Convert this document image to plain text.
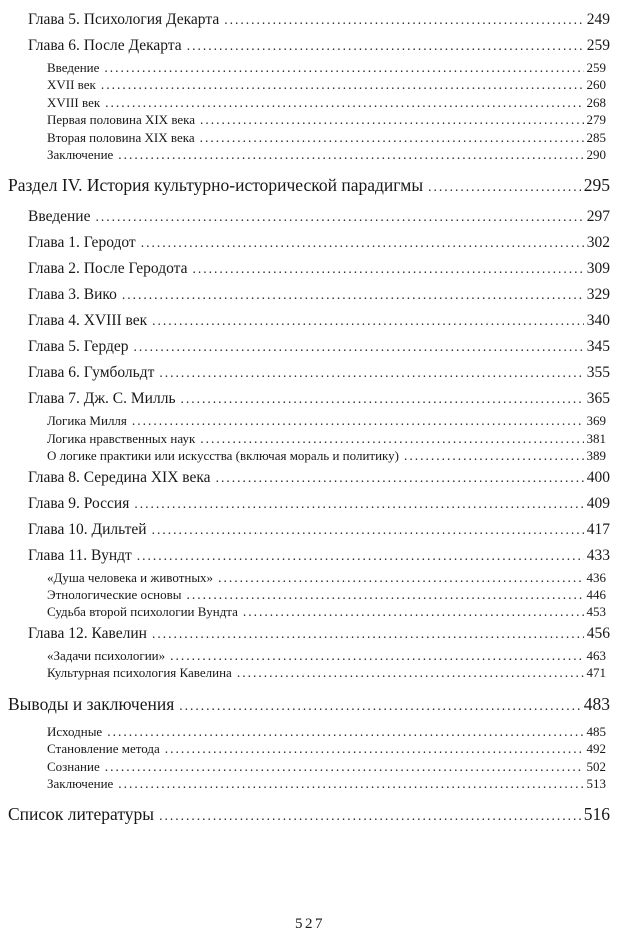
Глава 5. Психология Декарта .....	249
Глава 6. После Декарта .....	259
Введение .....	259
XVII век .....	260
XVIII век .....	268
Первая половина XIX века .....	279
Вторая половина XIX века .....	285
Заключение .....	290
Раздел IV. История культурно-исторической парадигмы .....	295
Введение .....	297
Глава 1. Геродот .....	302
Глава 2. После Геродота .....	309
Глава 3. Вико .....	329
Глава 4. XVIII век .....	340
Глава 5. Гердер .....	345
Глава 6. Гумбольдт .....	355
Глава 7. Дж. С. Милль .....	365
Логика Милля .....	369
Логика нравственных наук .....	381
О логике практики или искусства (включая мораль и политику) .....	389
Глава 8. Середина XIX века .....	400
Глава 9. Россия .....	409
Глава 10. Дильтей .....	417
Глава 11. Вундт .....	433
«Душа человека и животных» .....	436
Этнологические основы .....	446
Судьба второй психологии Вундта .....	453
Глава 12. Кавелин .....	456
«Задачи психологии» .....	463
Культурная психология Кавелина .....	471
Выводы и заключения .....	483
Исходные .....	485
Становление метода .....	492
Сознание .....	502
Заключение .....	513
Список литературы .....	516
527
